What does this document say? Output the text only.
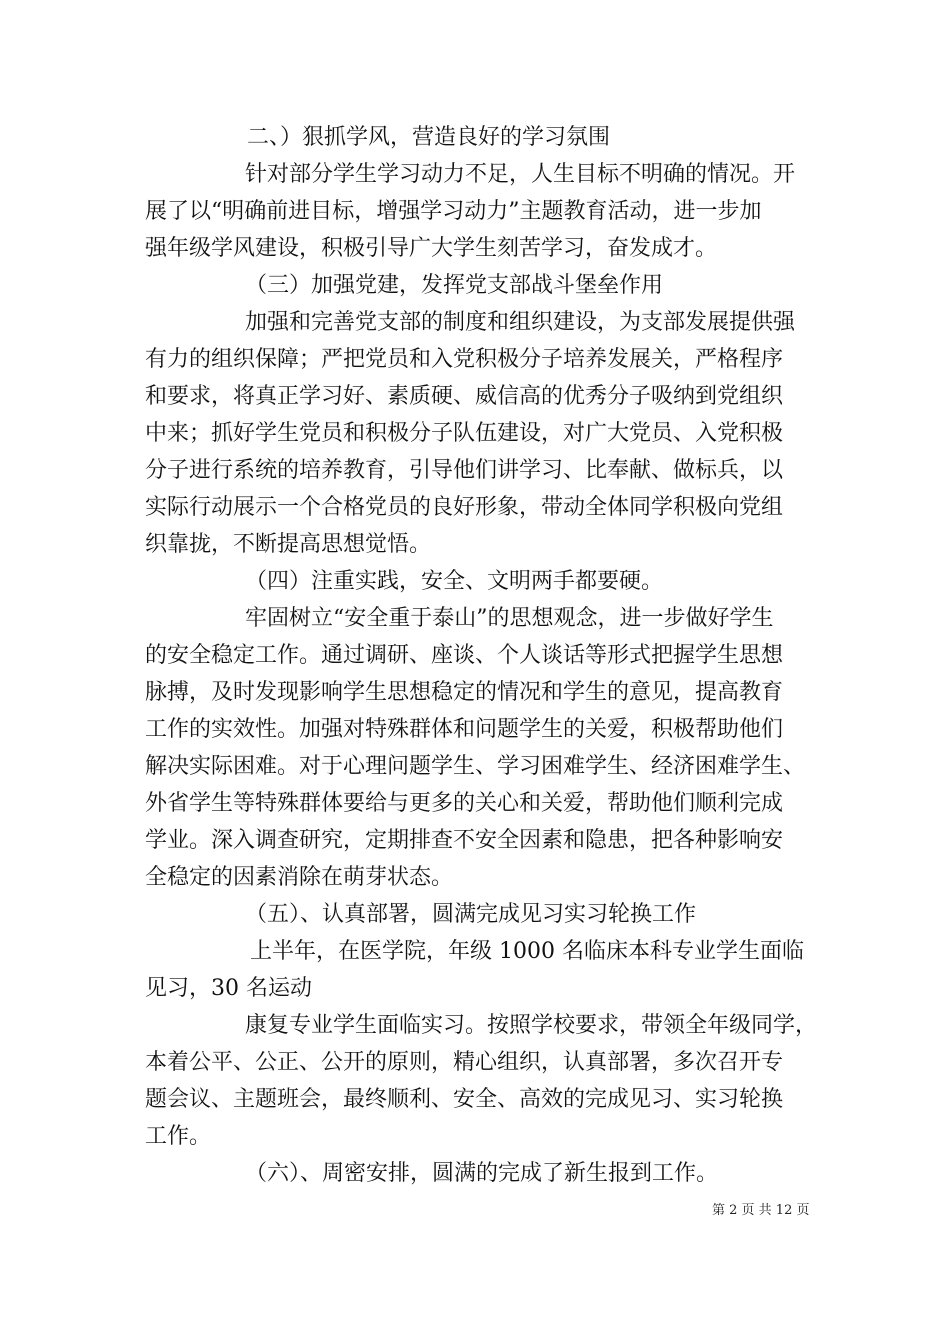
二、）狠抓学风，营造良好的学习氛围
针对部分学生学习动力不足，人生目标不明确的情况。开
展了以“明确前进目标，增强学习动力”主题教育活动，进一步加
强年级学风建设，积极引导广大学生刻苦学习，奋发成才。
（三）加强党建，发挥党支部战斗堡垒作用
加强和完善党支部的制度和组织建设，为支部发展提供强
有力的组织保障；严把党员和入党积极分子培养发展关，严格程序
和要求，将真正学习好、素质硬、威信高的优秀分子吸纳到党组织
中来；抓好学生党员和积极分子队伍建设，对广大党员、入党积极
分子进行系统的培养教育，引导他们讲学习、比奉献、做标兵，以
实际行动展示一个合格党员的良好形象，带动全体同学积极向党组
织靠拢，不断提高思想觉悟。
（四）注重实践，安全、文明两手都要硬。
牢固树立“安全重于泰山”的思想观念，进一步做好学生
的安全稳定工作。通过调研、座谈、个人谈话等形式把握学生思想
脉搏，及时发现影响学生思想稳定的情况和学生的意见，提高教育
工作的实效性。加强对特殊群体和问题学生的关爱，积极帮助他们
解决实际困难。对于心理问题学生、学习困难学生、经济困难学生、
外省学生等特殊群体要给与更多的关心和关爱，帮助他们顺利完成
学业。深入调查研究，定期排查不安全因素和隐患，把各种影响安
全稳定的因素消除在萌芽状态。
（五）、认真部署，圆满完成见习实习轮换工作
上半年，在医学院，年级 1000 名临床本科专业学生面临
见习，30 名运动
康复专业学生面临实习。按照学校要求，带领全年级同学，
本着公平、公正、公开的原则，精心组织，认真部署，多次召开专
题会议、主题班会，最终顺利、安全、高效的完成见习、实习轮换
工作。
（六）、周密安排，圆满的完成了新生报到工作。
第 2 页 共 12 页
